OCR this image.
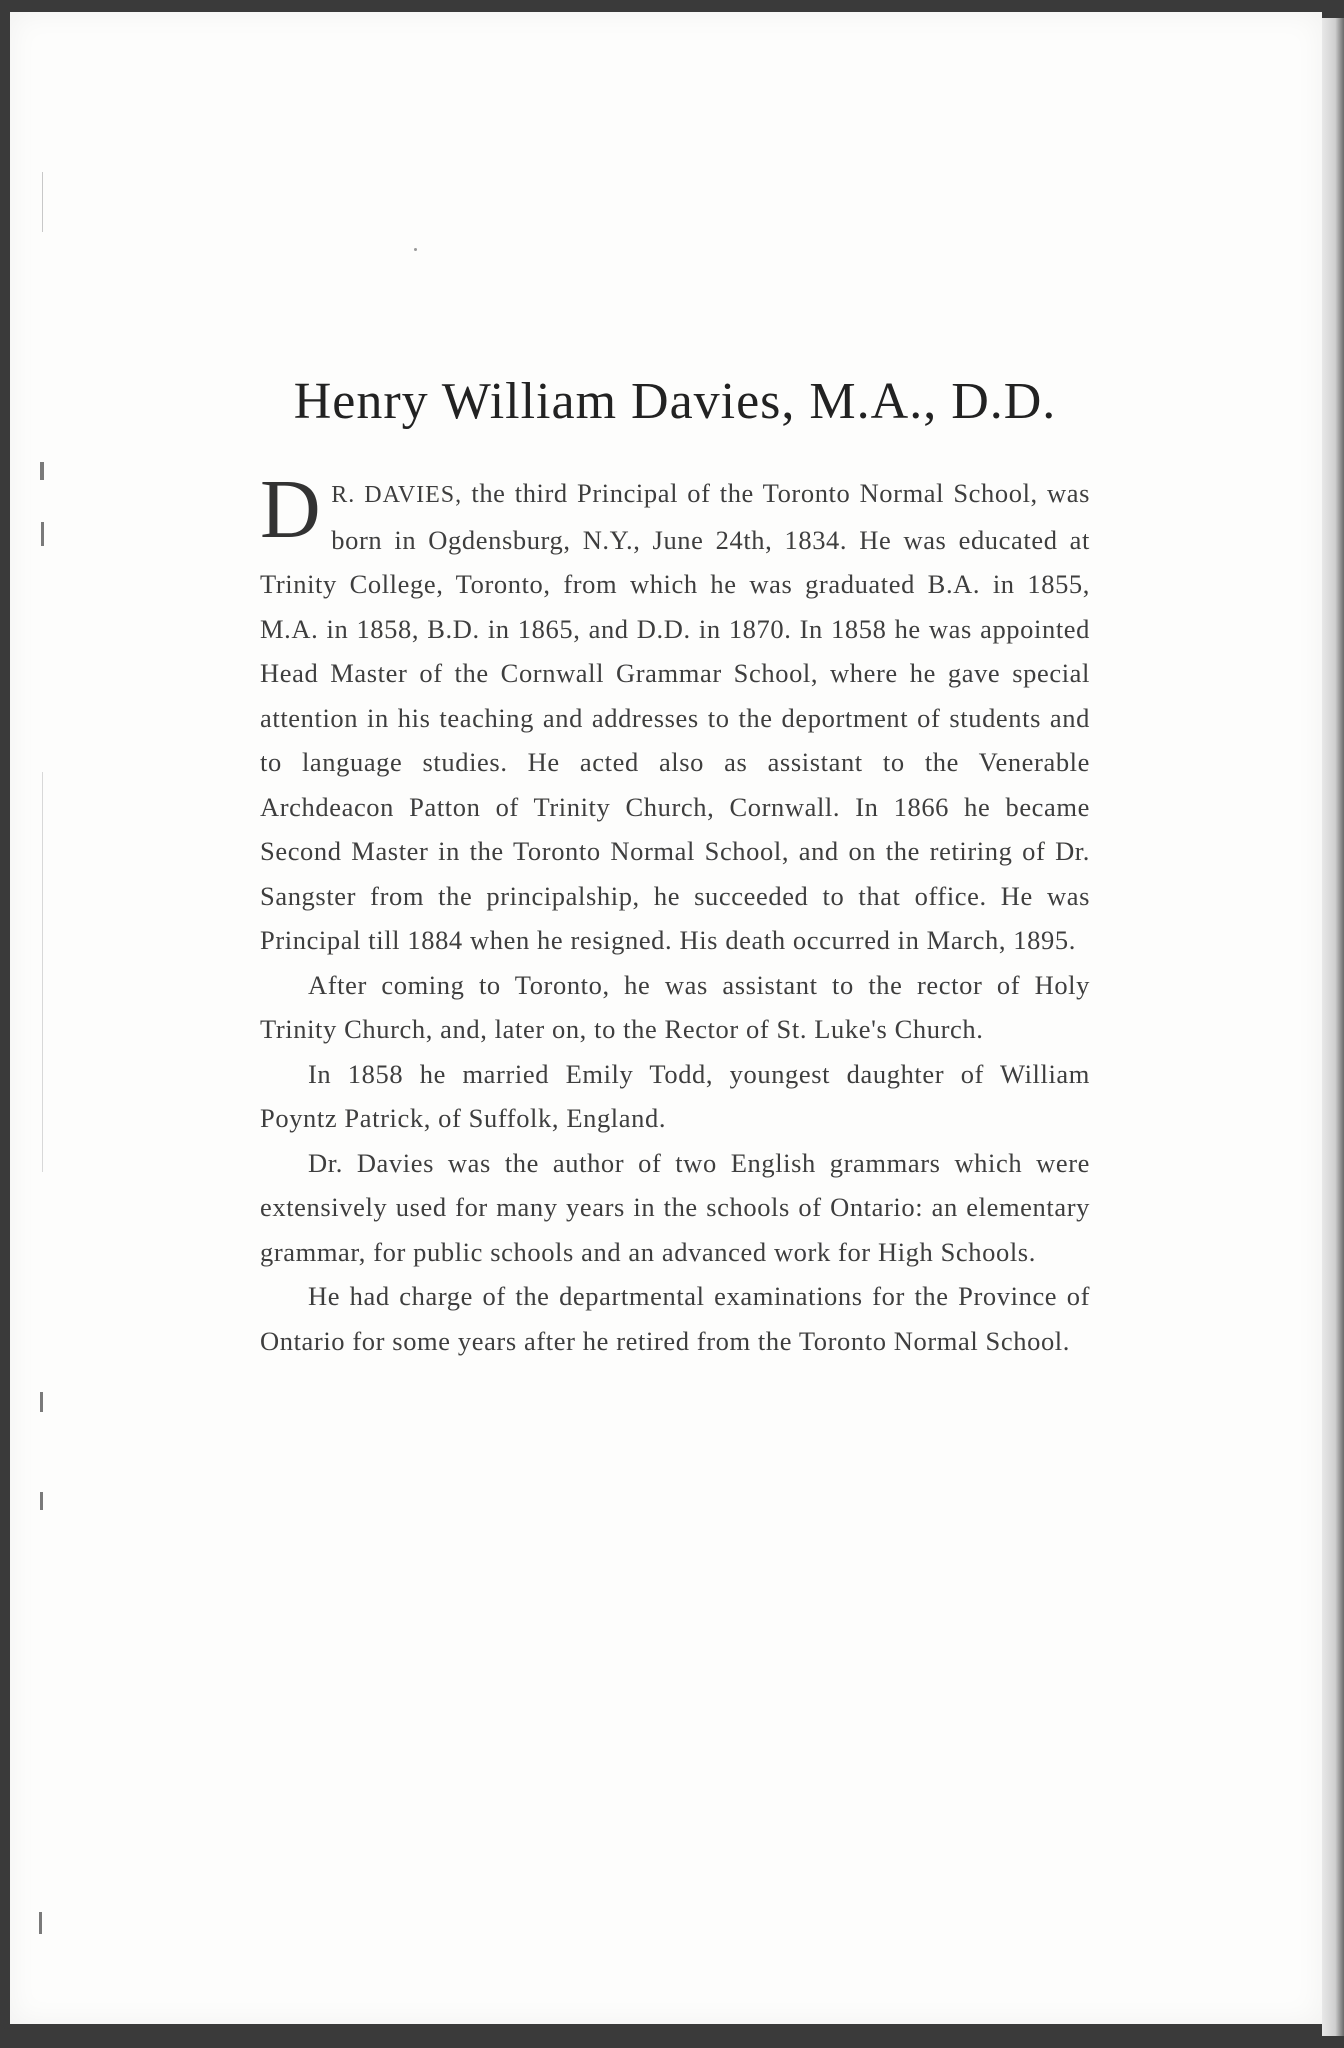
Henry William Davies, M.A., D.D.

D R. DAVIES, the third Principal of the Toronto Normal School, was born in Ogdensburg, N.Y., June 24th, 1834. He was educated at Trinity College, Toronto, from which he was graduated B.A. in 1855, M.A. in 1858, B.D. in 1865, and D.D. in 1870. In 1858 he was appointed Head Master of the Cornwall Grammar School, where he gave special attention in his teaching and addresses to the deportment of students and to language studies. He acted also as assistant to the Venerable Archdeacon Patton of Trinity Church, Cornwall. In 1866 he became Second Master in the Toronto Normal School, and on the retiring of Dr. Sangster from the principalship, he succeeded to that office. He was Principal till 1884 when he resigned. His death occurred in March, 1895.

After coming to Toronto, he was assistant to the rector of Holy Trinity Church, and, later on, to the Rector of St. Luke's Church.

In 1858 he married Emily Todd, youngest daughter of William Poyntz Patrick, of Suffolk, England.

Dr. Davies was the author of two English grammars which were extensively used for many years in the schools of Ontario: an elementary grammar, for public schools and an advanced work for High Schools.

He had charge of the departmental examinations for the Province of Ontario for some years after he retired from the Toronto Normal School.
